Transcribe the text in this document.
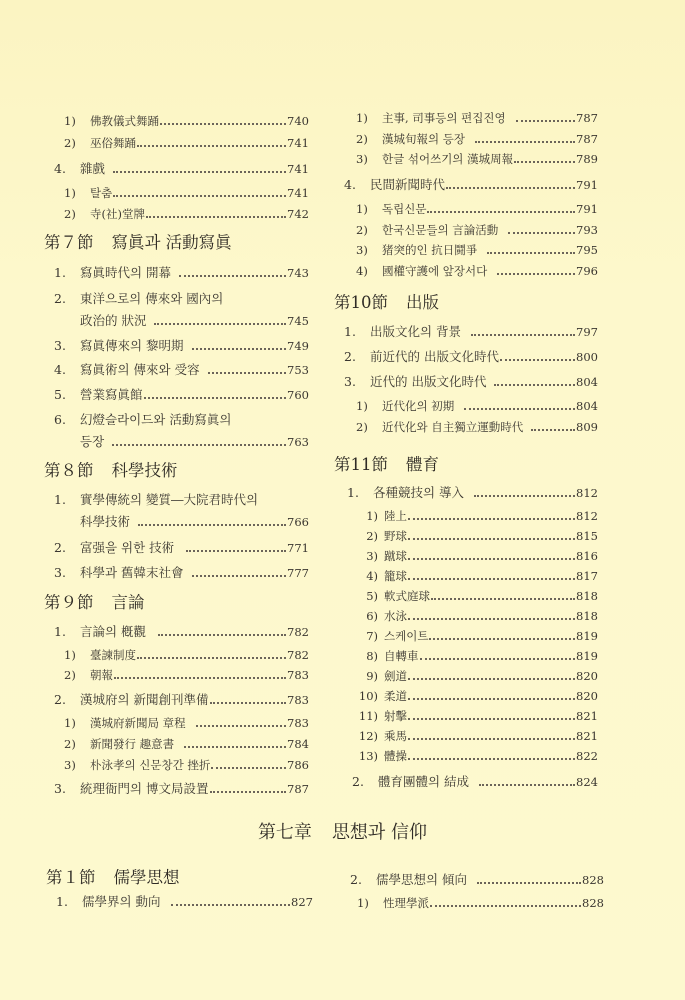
1)	佛教儀式舞踊	740
2)	巫俗舞踊	741
4.	雜戲	741
1)	탈춤	741
2)	寺(社)堂牌	742
第７節 寫眞과 活動寫眞
1.	寫眞時代의 開幕	743
2.	東洋으로의 傳來와 國內의
政治的 狀況	745
3.	寫眞傳來의 黎明期	749
4.	寫眞術의 傳來와 受容	753
5.	營業寫眞館	760
6.	幻燈슬라이드와 活動寫眞의
등장	763
第８節 科學技術
1.	實學傳統의 變質―大院君時代의
科學技術	766
2.	富强을 위한 技術	771
3.	科學과 舊韓末社會	777
第９節 言論
1.	言論의 槪觀	782
1)	臺諫制度	782
2)	朝報	783
2.	漢城府의 新聞創刊準備	783
1)	漢城府新聞局 章程	783
2)	新聞發行 趣意書	784
3)	朴泳孝의 신문창간 挫折	786
3.	統理衙門의 博文局設置	787
1)	主事, 司事등의 편집진영	787
2)	漢城旬報의 등장	787
3)	한글 섞어쓰기의 漢城周報	789
4.	民間新聞時代	791
1)	독립신문	791
2)	한국신문들의 言論活動	793
3)	猪突的인 抗日鬪爭	795
4)	國權守護에 앞장서다	796
第10節 出版
1.	出版文化의 背景	797
2.	前近代的 出版文化時代	800
3.	近代的 出版文化時代	804
1)	近代化의 初期	804
2)	近代化와 自主獨立運動時代	809
第11節 體育
1.	各種競技의 導入	812
1) 陸上	812
2) 野球	815
3) 蹴球	816
4) 籠球	817
5) 軟式庭球	818
6) 水泳	818
7) 스케이트	819
8) 自轉車	819
9) 劍道	820
10) 柔道	820
11) 射擊	821
12) 乘馬	821
13) 體操	822
2.	體育團體의 結成	824
第七章 思想과 信仰
第１節 儒學思想
1.	儒學界의 動向	827
2.	儒學思想의 傾向	828
1)	性理學派	828
